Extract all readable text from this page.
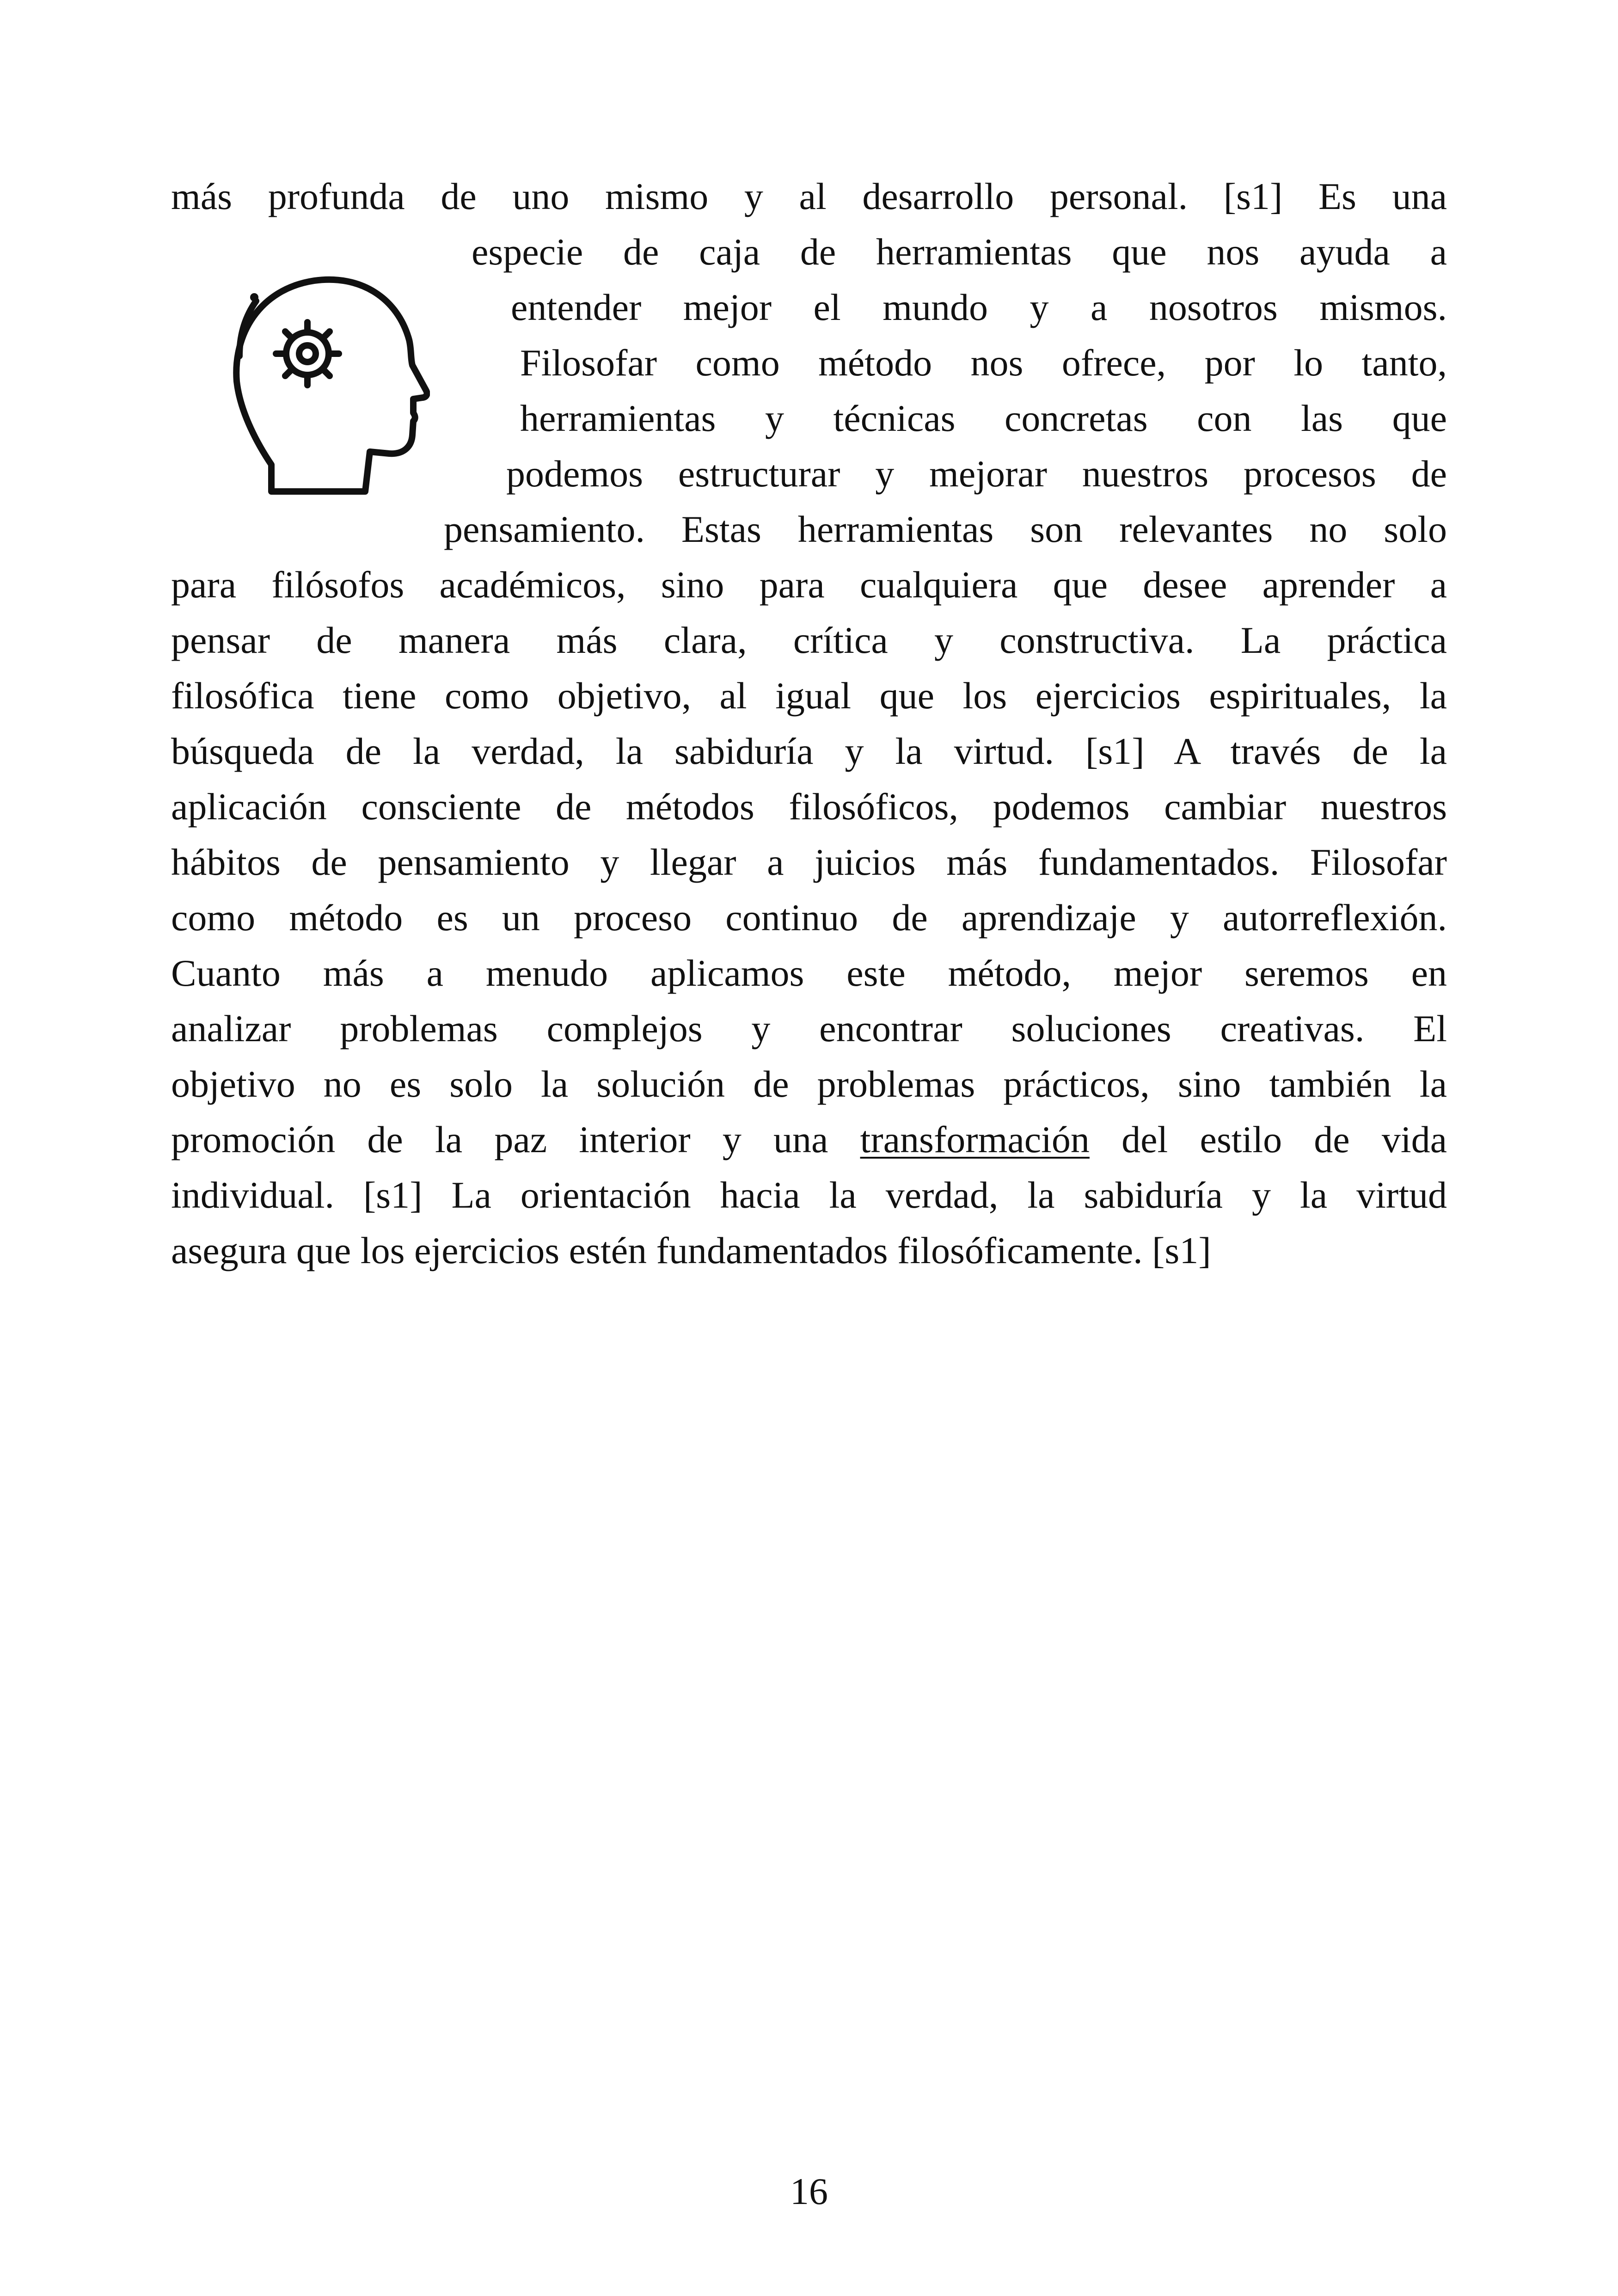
más profunda de uno mismo y al desarrollo personal. [s1] Es una
especie de caja de herramientas que nos ayuda a
entender mejor el mundo y a nosotros mismos.
Filosofar como método nos ofrece, por lo tanto,
herramientas y técnicas concretas con las que
podemos estructurar y mejorar nuestros procesos de
pensamiento. Estas herramientas son relevantes no solo
para filósofos académicos, sino para cualquiera que desee aprender a
pensar de manera más clara, crítica y constructiva. La práctica
filosófica tiene como objetivo, al igual que los ejercicios espirituales, la
búsqueda de la verdad, la sabiduría y la virtud. [s1] A través de la
aplicación consciente de métodos filosóficos, podemos cambiar nuestros
hábitos de pensamiento y llegar a juicios más fundamentados. Filosofar
como método es un proceso continuo de aprendizaje y autorreflexión.
Cuanto más a menudo aplicamos este método, mejor seremos en
analizar problemas complejos y encontrar soluciones creativas. El
objetivo no es solo la solución de problemas prácticos, sino también la
promoción de la paz interior y una transformación del estilo de vida
individual. [s1] La orientación hacia la verdad, la sabiduría y la virtud
asegura que los ejercicios estén fundamentados filosóficamente. [s1]
16
